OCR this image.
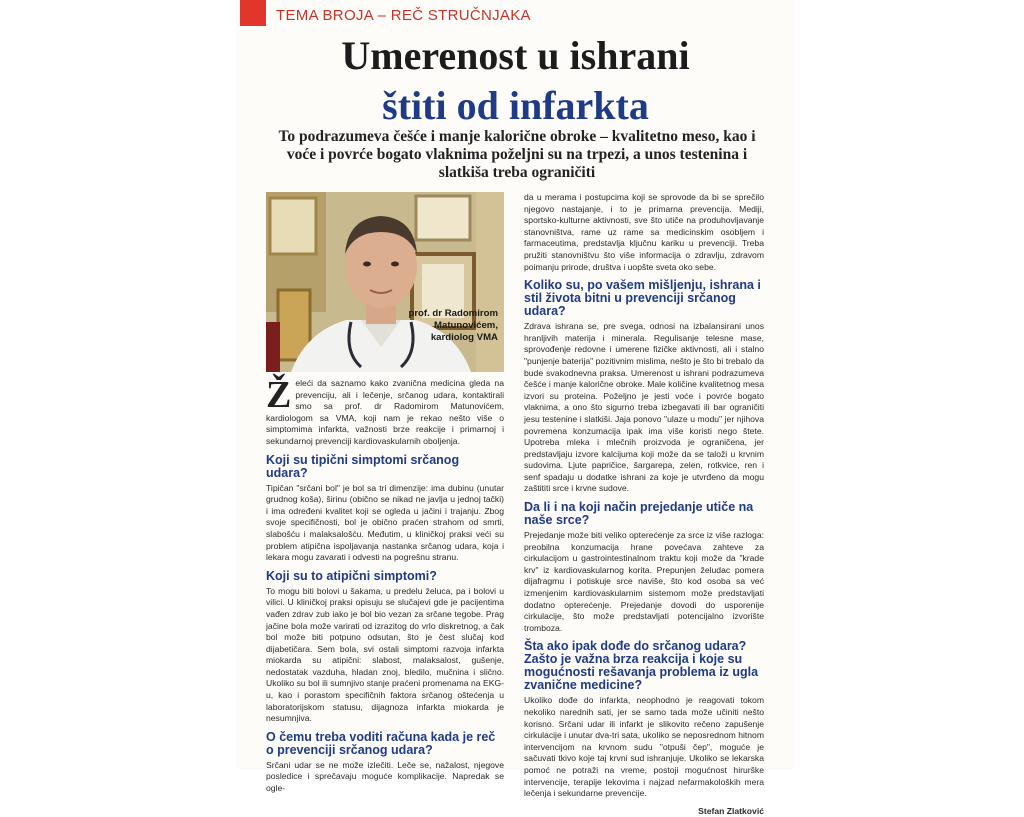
TEMA BROJA – REČ STRUČNJAKA
Umerenost u ishrani
štiti od infarkta

To podrazumeva češće i manje kalorične obroke – kvalitetno meso, kao i voće i povrće bogato vlaknima poželjni su na trpezi, a unos testenina i slatkiša treba ograničiti

prof. dr Radomirom
Matunovićem,
kardiolog VMA

Želeći da saznamo kako zvanična medicina gleda na prevenciju, ali i lečenje, srčanog udara, kontaktirali smo sa prof. dr Radomirom Matunovićem, kardiologom sa VMA, koji nam je rekao nešto više o simptomima infarkta, važnosti brze reakcije i primarnoj i sekundarnoj prevenciji kardiovaskularnih oboljenja.

Koji su tipični simptomi srčanog udara?

Tipičan "srčani bol" je bol sa tri dimenzije: ima dubinu (unutar grudnog koša), širinu (obično se nikad ne javlja u jednoj tački) i ima određeni kvalitet koji se ogleda u jačini i trajanju. Zbog svoje specifičnosti, bol je obično praćen strahom od smrti, slabošću i malaksalošću. Međutim, u kliničkoj praksi veći su problem atipična ispoljavanja nastanka srčanog udara, koja i lekara mogu zavarati i odvesti na pogrešnu stranu.

Koji su to atipični simptomi?

To mogu biti bolovi u šakama, u predelu želuca, pa i bolovi u vilici. U kliničkoj praksi opisuju se slučajevi gde je pacijentima vađen zdrav zub iako je bol bio vezan za srčane tegobe. Prag jačine bola može varirati od izrazitog do vrlo diskretnog, a čak bol može biti potpuno odsutan, što je čest slučaj kod dijabetičara. Sem bola, svi ostali simptomi razvoja infarkta miokarda su atipični: slabost, malaksalost, gušenje, nedostatak vazduha, hladan znoj, bledilo, mučnina i slično. Ukoliko su bol ili sumnjivo stanje praćeni promenama na EKG-u, kao i porastom specifičnih faktora srčanog oštećenja u laboratorijskom statusu, dijagnoza infarkta miokarda je nesumnjiva.

O čemu treba voditi računa kada je reč o prevenciji srčanog udara?

Srčani udar se ne može izlečiti. Leče se, nažalost, njegove posledice i sprečavaju moguće komplikacije. Napredak se ogle-

da u merama i postupcima koji se sprovode da bi se sprečilo njegovo nastajanje, i to je primarna prevencija. Mediji, sportsko-kulturne aktivnosti, sve što utiče na produhovljavanje stanovništva, rame uz rame sa medicinskim osobljem i farmaceutima, predstavlja ključnu kariku u prevenciji. Treba pružiti stanovništvu što više informacija o zdravlju, zdravom poimanju prirode, društva i uopšte sveta oko sebe.

Koliko su, po vašem mišljenju, ishrana i stil života bitni u prevenciji srčanog udara?

Zdrava ishrana se, pre svega, odnosi na izbalansirani unos hranljivih materija i minerala. Regulisanje telesne mase, sprovođenje redovne i umerene fizičke aktivnosti, ali i stalno "punjenje baterija" pozitivnim mislima, nešto je što bi trebalo da bude svakodnevna praksa. Umerenost u ishrani podrazumeva češće i manje kalorične obroke. Male količine kvalitetnog mesa izvori su proteina. Poželjno je jesti voće i povrće bogato vlaknima, a ono što sigurno treba izbegavati ili bar ograničiti jesu testenine i slatkiši. Jaja ponovo "ulaze u modu" jer njihova povremena konzumacija ipak ima više koristi nego štete. Upotreba mleka i mlečnih proizvoda je ograničena, jer predstavljaju izvore kalcijuma koji može da se taloži u krvnim sudovima. Ljute papričice, šargarepa, zelen, rotkvice, ren i senf spadaju u dodatke ishrani za koje je utvrđeno da mogu zaštititi srce i krvne sudove.

Da li i na koji način prejedanje utiče na naše srce?

Prejedanje može biti veliko opterećenje za srce iz više razloga: preobilna konzumacija hrane povećava zahteve za cirkulacijom u gastrointestinalnom traktu koji može da "krade krv" iz kardiovaskularnog korita. Prepunjen želudac pomera dijafragmu i potiskuje srce naviše, što kod osoba sa već izmenjenim kardiovaskularnim sistemom može predstavljati dodatno opterećenje. Prejedanje dovodi do usporenije cirkulacije, što može predstavljati potencijalno izvorište tromboza.

Šta ako ipak dođe do srčanog udara? Zašto je važna brza reakcija i koje su mogućnosti rešavanja problema iz ugla zvanične medicine?

Ukoliko dođe do infarkta, neophodno je reagovati tokom nekoliko narednih sati, jer se samo tada može učiniti nešto korisno. Srčani udar ili infarkt je slikovito rečeno zapušenje cirkulacije i unutar dva-tri sata, ukoliko se neposrednom hitnom intervencijom na krvnom sudu "otpuši čep", moguće je sačuvati tkivo koje taj krvni sud ishranjuje. Ukoliko se lekarska pomoć ne potraži na vreme, postoji mogućnost hirurške intervencije, terapije lekovima i najzad nefarmakoloških mera lečenja i sekundarne prevencije.

Stefan Zlatković
